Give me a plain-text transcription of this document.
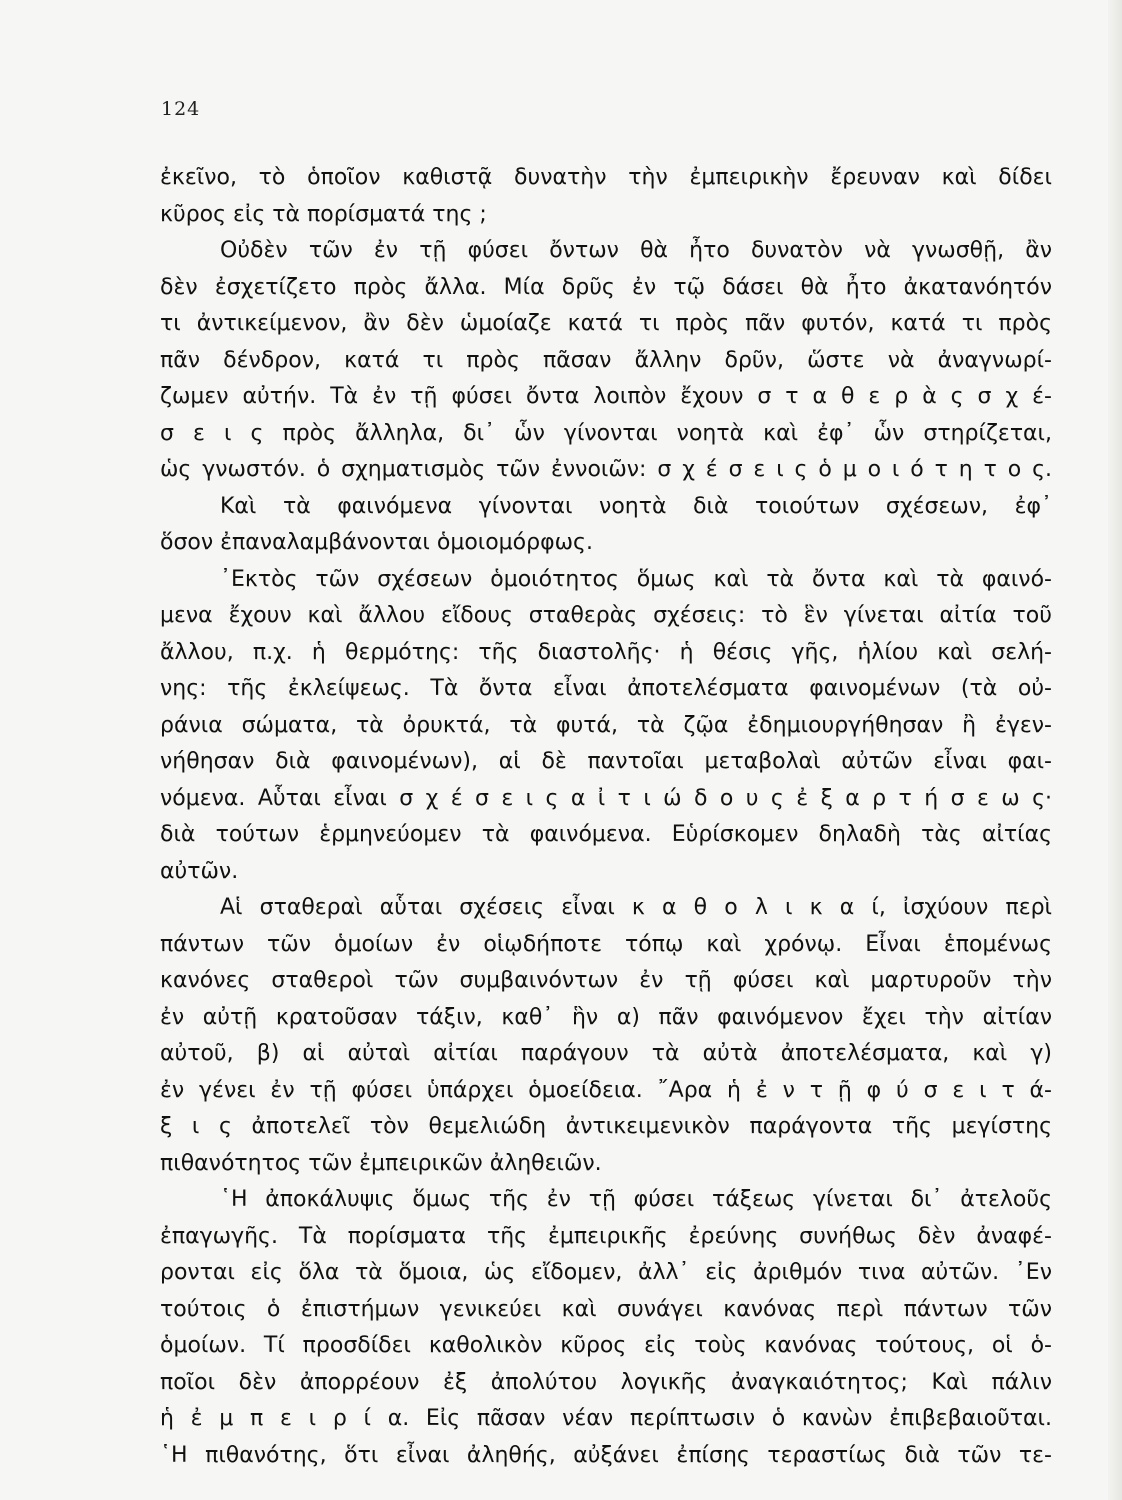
124
ἐκεῖνο, τὸ ὁποῖον καθιστᾷ δυνατὴν τὴν ἐμπειρικὴν ἔρευναν καὶ δίδει
κῦρος εἰς τὰ πορίσματά της ;
Οὐδὲν τῶν ἐν τῇ φύσει ὄντων θὰ ἦτο δυνατὸν νὰ γνωσθῇ, ἂν
δὲν ἐσχετίζετο πρὸς ἄλλα. Μία δρῦς ἐν τῷ δάσει θὰ ἦτο ἀκατανόητόν
τι ἀντικείμενον, ἂν δὲν ὡμοίαζε κατά τι πρὸς πᾶν φυτόν, κατά τι πρὸς
πᾶν δένδρον, κατά τι πρὸς πᾶσαν ἄλλην δρῦν, ὥστε νὰ ἀναγνωρί-
ζωμεν αὐτήν. Τὰ ἐν τῇ φύσει ὄντα λοιπὸν ἔχουν σ τ α θ ε ρ ὰ ς σ χ έ-
σ ε ι ς πρὸς ἄλληλα, δι᾽ ὧν γίνονται νοητὰ καὶ ἐφ᾽ ὧν στηρίζεται,
ὡς γνωστόν. ὁ σχηματισμὸς τῶν ἐννοιῶν: σ χ έ σ ε ι ς ὁ μ ο ι ό τ η τ ο ς.
Καὶ τὰ φαινόμενα γίνονται νοητὰ διὰ τοιούτων σχέσεων, ἐφ᾽
ὅσον ἐπαναλαμβάνονται ὁμοιομόρφως.
᾽Εκτὸς τῶν σχέσεων ὁμοιότητος ὅμως καὶ τὰ ὄντα καὶ τὰ φαινό-
μενα ἔχουν καὶ ἄλλου εἴδους σταθερὰς σχέσεις: τὸ ἓν γίνεται αἰτία τοῦ
ἄλλου, π.χ. ἡ θερμότης: τῆς διαστολῆς· ἡ θέσις γῆς, ἡλίου καὶ σελή-
νης: τῆς ἐκλείψεως. Τὰ ὄντα εἶναι ἀποτελέσματα φαινομένων (τὰ οὐ-
ράνια σώματα, τὰ ὀρυκτά, τὰ φυτά, τὰ ζῷα ἐδημιουργήθησαν ἢ ἐγεν-
νήθησαν διὰ φαινομένων), αἱ δὲ παντοῖαι μεταβολαὶ αὐτῶν εἶναι φαι-
νόμενα. Αὗται εἶναι σ χ έ σ ε ι ς α ἰ τ ι ώ δ ο υ ς ἐ ξ α ρ τ ή σ ε ω ς·
διὰ τούτων ἑρμηνεύομεν τὰ φαινόμενα. Εὑρίσκομεν δηλαδὴ τὰς αἰτίας
αὐτῶν.
Αἱ σταθεραὶ αὗται σχέσεις εἶναι κ α θ ο λ ι κ α ί, ἰσχύουν περὶ
πάντων τῶν ὁμοίων ἐν οἱῳδήποτε τόπῳ καὶ χρόνῳ. Εἶναι ἑπομένως
κανόνες σταθεροὶ τῶν συμβαινόντων ἐν τῇ φύσει καὶ μαρτυροῦν τὴν
ἐν αὐτῇ κρατοῦσαν τάξιν, καθ᾽ ἣν α) πᾶν φαινόμενον ἔχει τὴν αἰτίαν
αὐτοῦ, β) αἱ αὐταὶ αἰτίαι παράγουν τὰ αὐτὰ ἀποτελέσματα, καὶ γ)
ἐν γένει ἐν τῇ φύσει ὑπάρχει ὁμοείδεια. ῎Αρα ἡ ἐ ν τ ῇ φ ύ σ ε ι τ ά-
ξ ι ς ἀποτελεῖ τὸν θεμελιώδη ἀντικειμενικὸν παράγοντα τῆς μεγίστης
πιθανότητος τῶν ἐμπειρικῶν ἀληθειῶν.
῾Η ἀποκάλυψις ὅμως τῆς ἐν τῇ φύσει τάξεως γίνεται δι᾽ ἀτελοῦς
ἐπαγωγῆς. Τὰ πορίσματα τῆς ἐμπειρικῆς ἐρεύνης συνήθως δὲν ἀναφέ-
ρονται εἰς ὅλα τὰ ὅμοια, ὡς εἴδομεν, ἀλλ᾽ εἰς ἀριθμόν τινα αὐτῶν. ᾽Εν
τούτοις ὁ ἐπιστήμων γενικεύει καὶ συνάγει κανόνας περὶ πάντων τῶν
ὁμοίων. Τί προσδίδει καθολικὸν κῦρος εἰς τοὺς κανόνας τούτους, οἱ ὁ-
ποῖοι δὲν ἀπορρέουν ἐξ ἀπολύτου λογικῆς ἀναγκαιότητος; Καὶ πάλιν
ἡ ἐ μ π ε ι ρ ί α. Εἰς πᾶσαν νέαν περίπτωσιν ὁ κανὼν ἐπιβεβαιοῦται.
῾Η πιθανότης, ὅτι εἶναι ἀληθής, αὐξάνει ἐπίσης τεραστίως διὰ τῶν τε-
